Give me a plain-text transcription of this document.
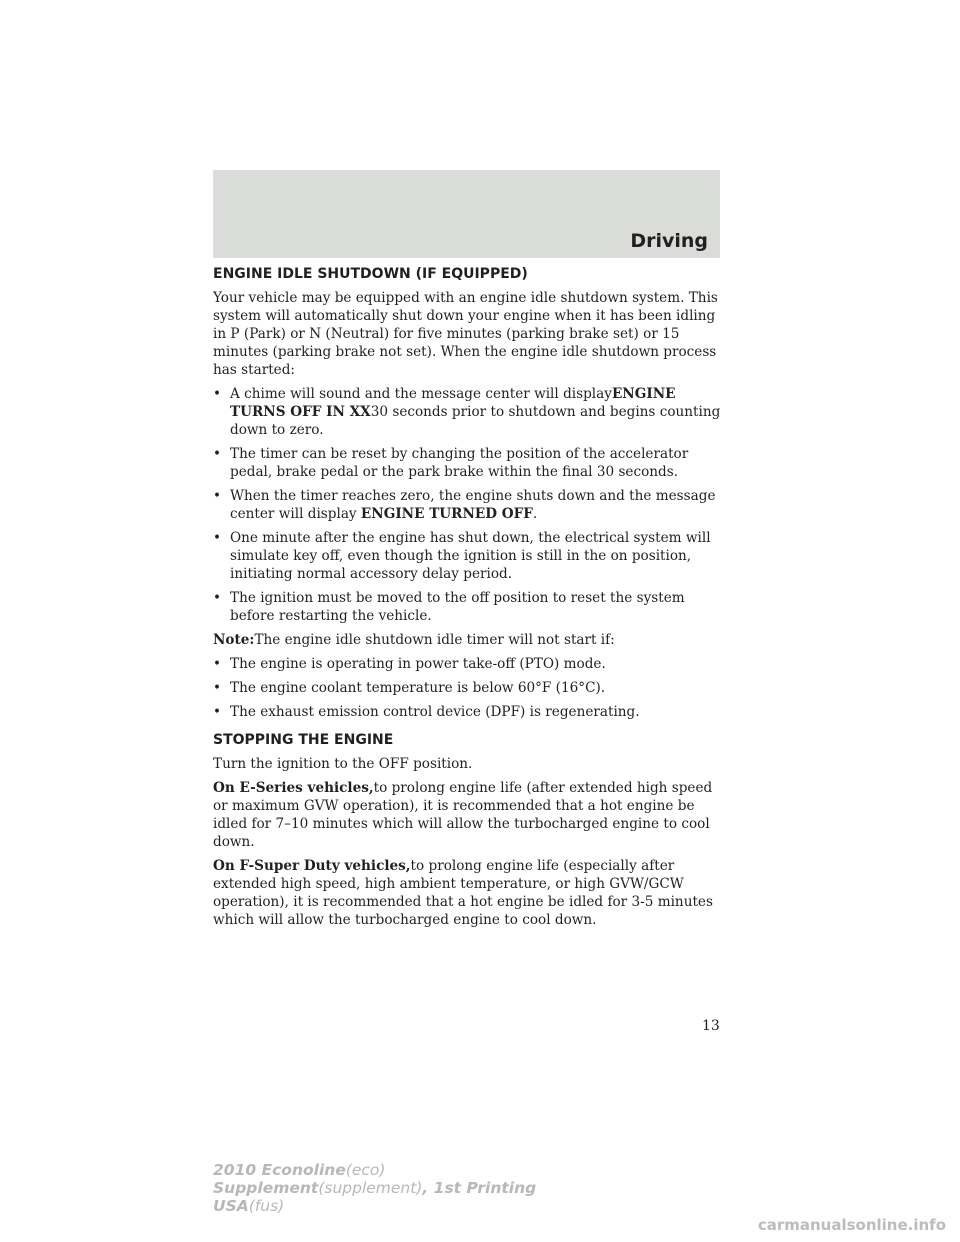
Driving
ENGINE IDLE SHUTDOWN (IF EQUIPPED)

Your vehicle may be equipped with an engine idle shutdown system. This system will automatically shut down your engine when it has been idling in P (Park) or N (Neutral) for five minutes (parking brake set) or 15 minutes (parking brake not set). When the engine idle shutdown process has started:

• A chime will sound and the message center will displayENGINE TURNS OFF IN XX30 seconds prior to shutdown and begins counting down to zero.
• The timer can be reset by changing the position of the accelerator pedal, brake pedal or the park brake within the final 30 seconds.
• When the timer reaches zero, the engine shuts down and the message center will display ENGINE TURNED OFF.
• One minute after the engine has shut down, the electrical system will simulate key off, even though the ignition is still in the on position, initiating normal accessory delay period.
• The ignition must be moved to the off position to reset the system before restarting the vehicle.

Note:The engine idle shutdown idle timer will not start if:

• The engine is operating in power take-off (PTO) mode.
• The engine coolant temperature is below 60°F (16°C).
• The exhaust emission control device (DPF) is regenerating.
STOPPING THE ENGINE

Turn the ignition to the OFF position.

On E-Series vehicles,to prolong engine life (after extended high speed or maximum GVW operation), it is recommended that a hot engine be idled for 7–10 minutes which will allow the turbocharged engine to cool down.

On F-Super Duty vehicles,to prolong engine life (especially after extended high speed, high ambient temperature, or high GVW/GCW operation), it is recommended that a hot engine be idled for 3-5 minutes which will allow the turbocharged engine to cool down.

13
2010 Econoline(eco)
Supplement(supplement), 1st Printing
USA(fus)
carmanualsonline.info
